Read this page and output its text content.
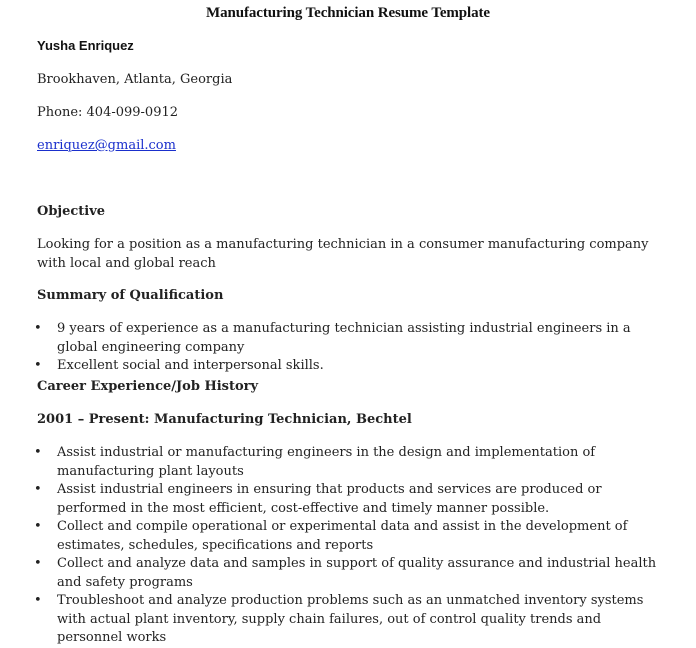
Manufacturing Technician Resume Template
Yusha Enriquez
Brookhaven, Atlanta, Georgia
Phone: 404-099-0912
enriquez@gmail.com
Objective
Looking for a position as a manufacturing technician in a consumer manufacturing company with local and global reach
Summary of Qualification
• 9 years of experience as a manufacturing technician assisting industrial engineers in a global engineering company
• Excellent social and interpersonal skills.
Career Experience/Job History
2001 – Present: Manufacturing Technician, Bechtel
• Assist industrial or manufacturing engineers in the design and implementation of manufacturing plant layouts
• Assist industrial engineers in ensuring that products and services are produced or performed in the most efficient, cost-effective and timely manner possible.
• Collect and compile operational or experimental data and assist in the development of estimates, schedules, specifications and reports
• Collect and analyze data and samples in support of quality assurance and industrial health and safety programs
• Troubleshoot and analyze production problems such as an unmatched inventory systems with actual plant inventory, supply chain failures, out of control quality trends and personnel works
